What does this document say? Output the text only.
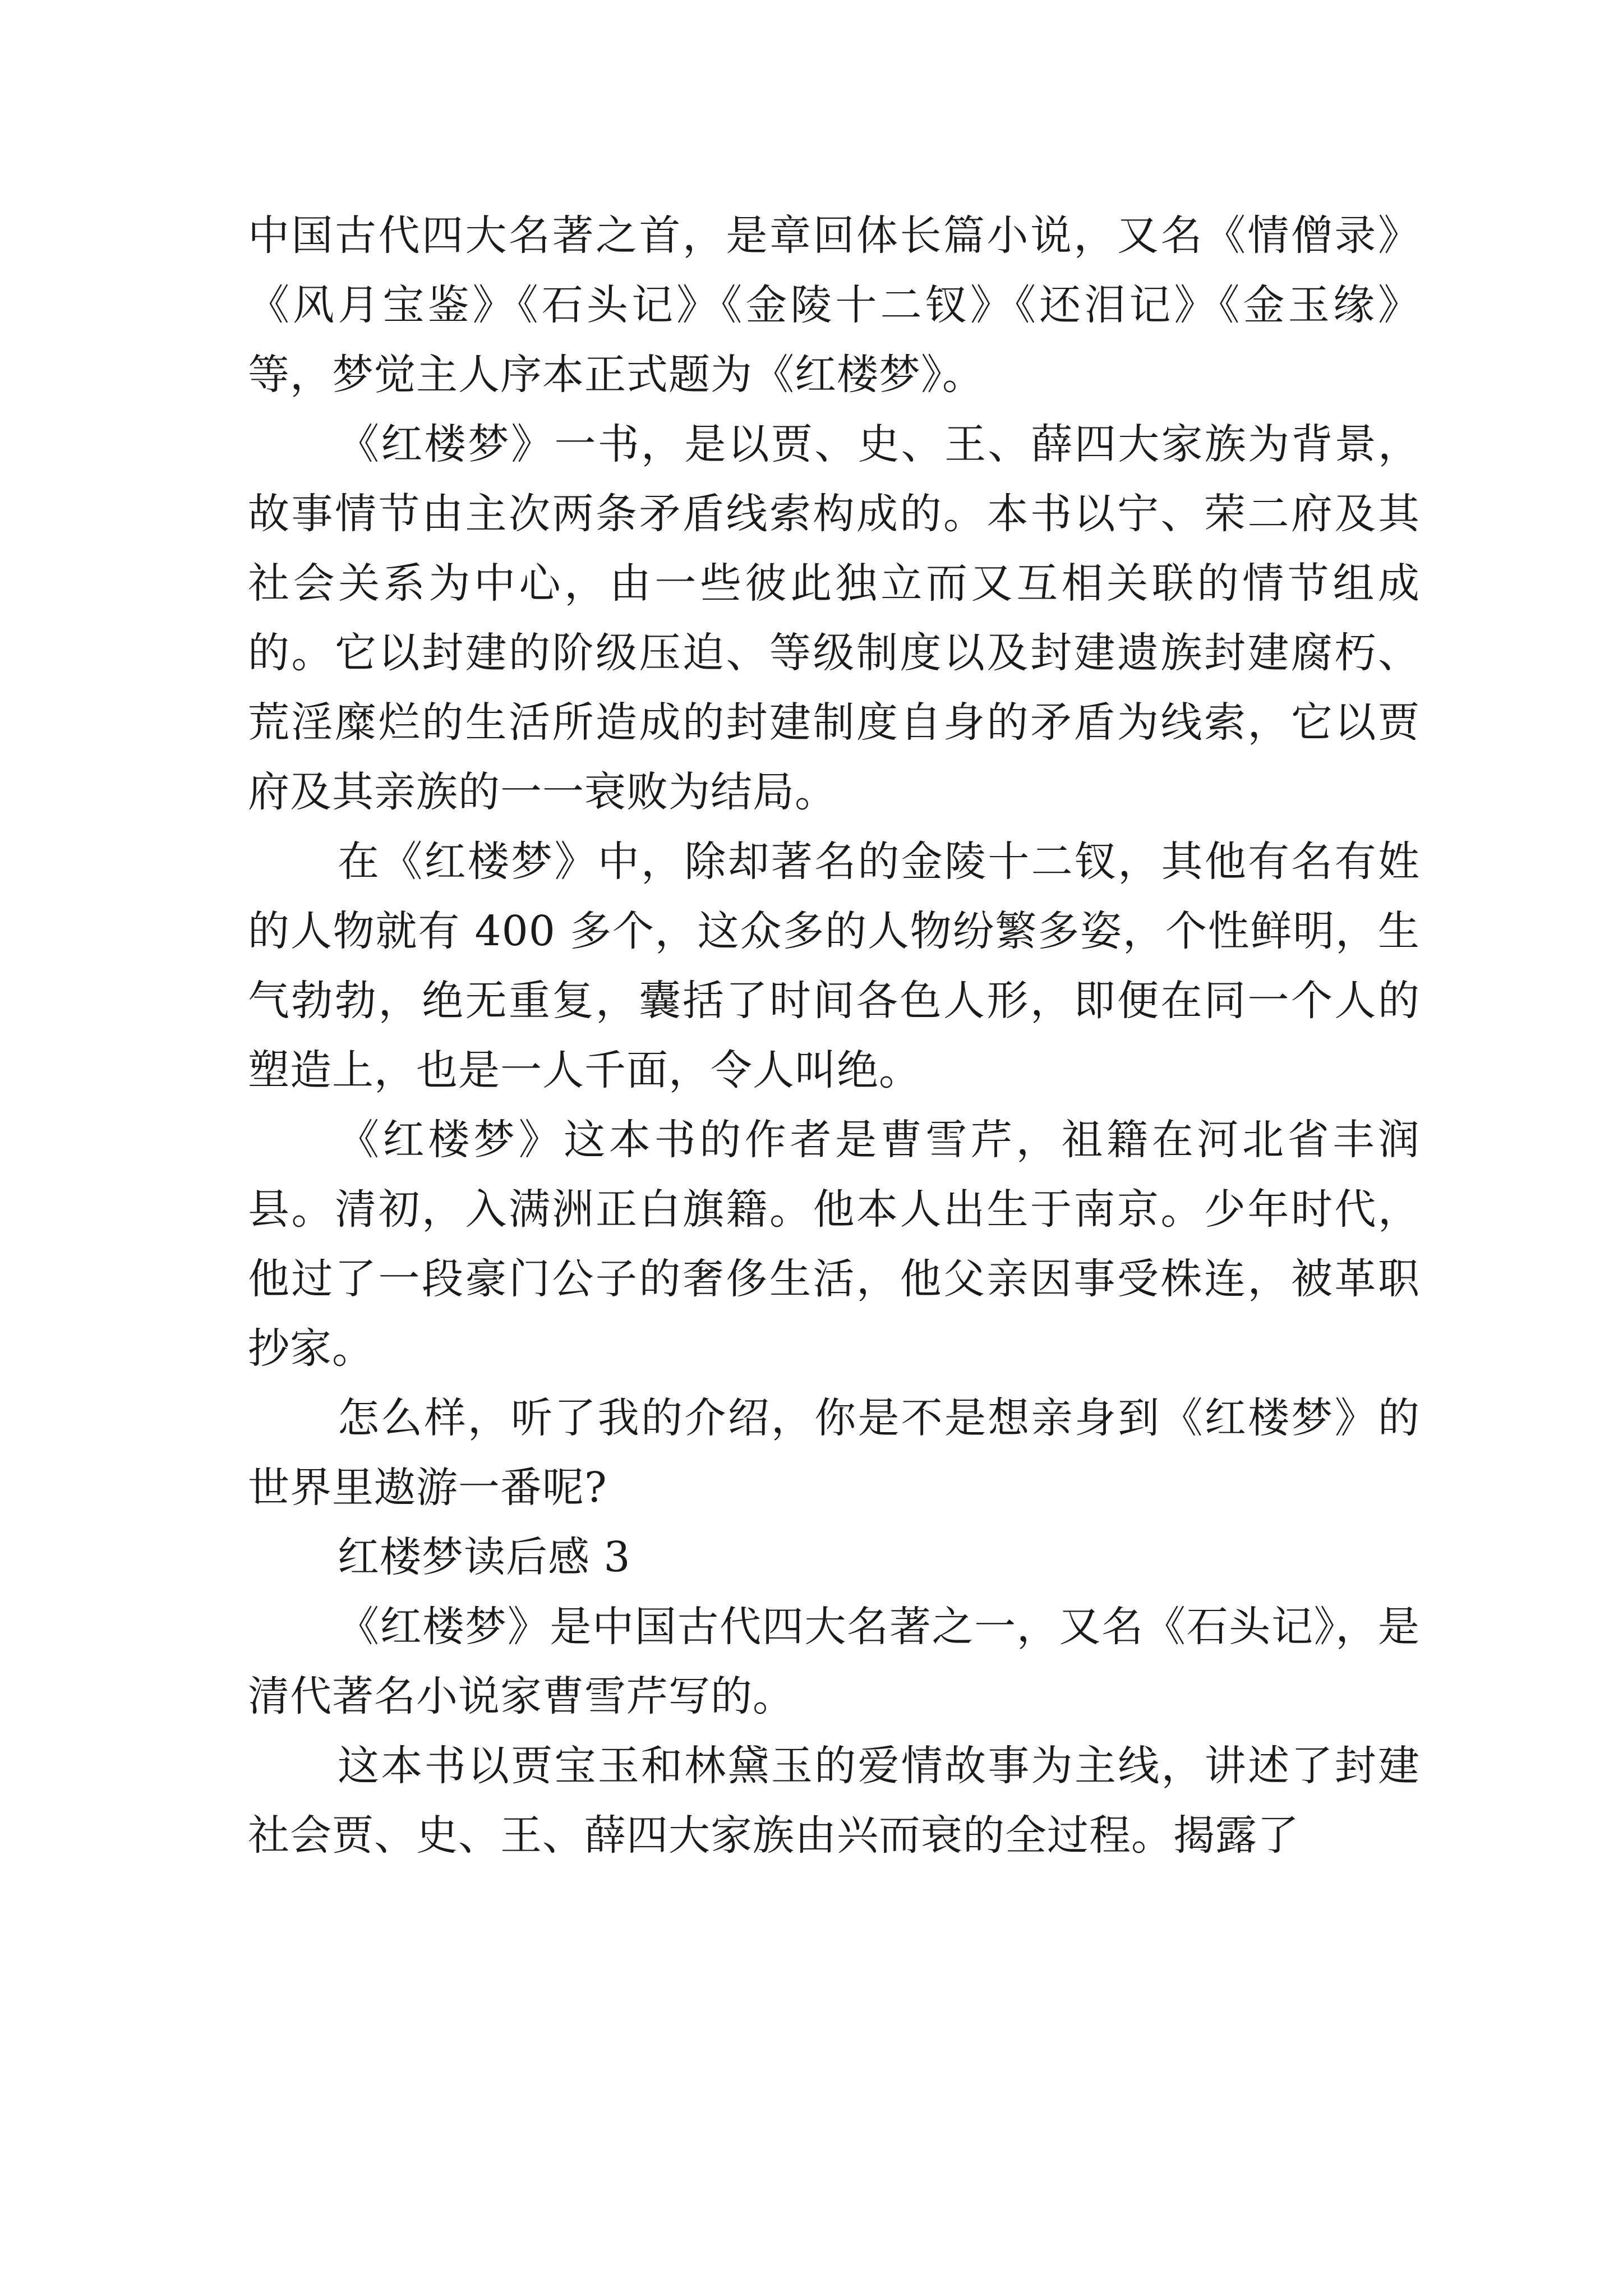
中国古代四大名著之首，是章回体长篇小说，又名《情僧录》《风月宝鉴》《石头记》《金陵十二钗》《还泪记》《金玉缘》等，梦觉主人序本正式题为《红楼梦》。

《红楼梦》一书，是以贾、史、王、薛四大家族为背景，故事情节由主次两条矛盾线索构成的。本书以宁、荣二府及其社会关系为中心，由一些彼此独立而又互相关联的情节组成的。它以封建的阶级压迫、等级制度以及封建遗族封建腐朽、荒淫糜烂的生活所造成的封建制度自身的矛盾为线索，它以贾府及其亲族的一一衰败为结局。

在《红楼梦》中，除却著名的金陵十二钗，其他有名有姓的人物就有 400 多个，这众多的人物纷繁多姿，个性鲜明，生气勃勃，绝无重复，囊括了时间各色人形，即便在同一个人的塑造上，也是一人千面，令人叫绝。

《红楼梦》这本书的作者是曹雪芹，祖籍在河北省丰润县。清初，入满洲正白旗籍。他本人出生于南京。少年时代，他过了一段豪门公子的奢侈生活，他父亲因事受株连，被革职抄家。

怎么样，听了我的介绍，你是不是想亲身到《红楼梦》的世界里遨游一番呢?

红楼梦读后感 3

《红楼梦》是中国古代四大名著之一，又名《石头记》，是清代著名小说家曹雪芹写的。

这本书以贾宝玉和林黛玉的爱情故事为主线，讲述了封建社会贾、史、王、薛四大家族由兴而衰的全过程。揭露了
